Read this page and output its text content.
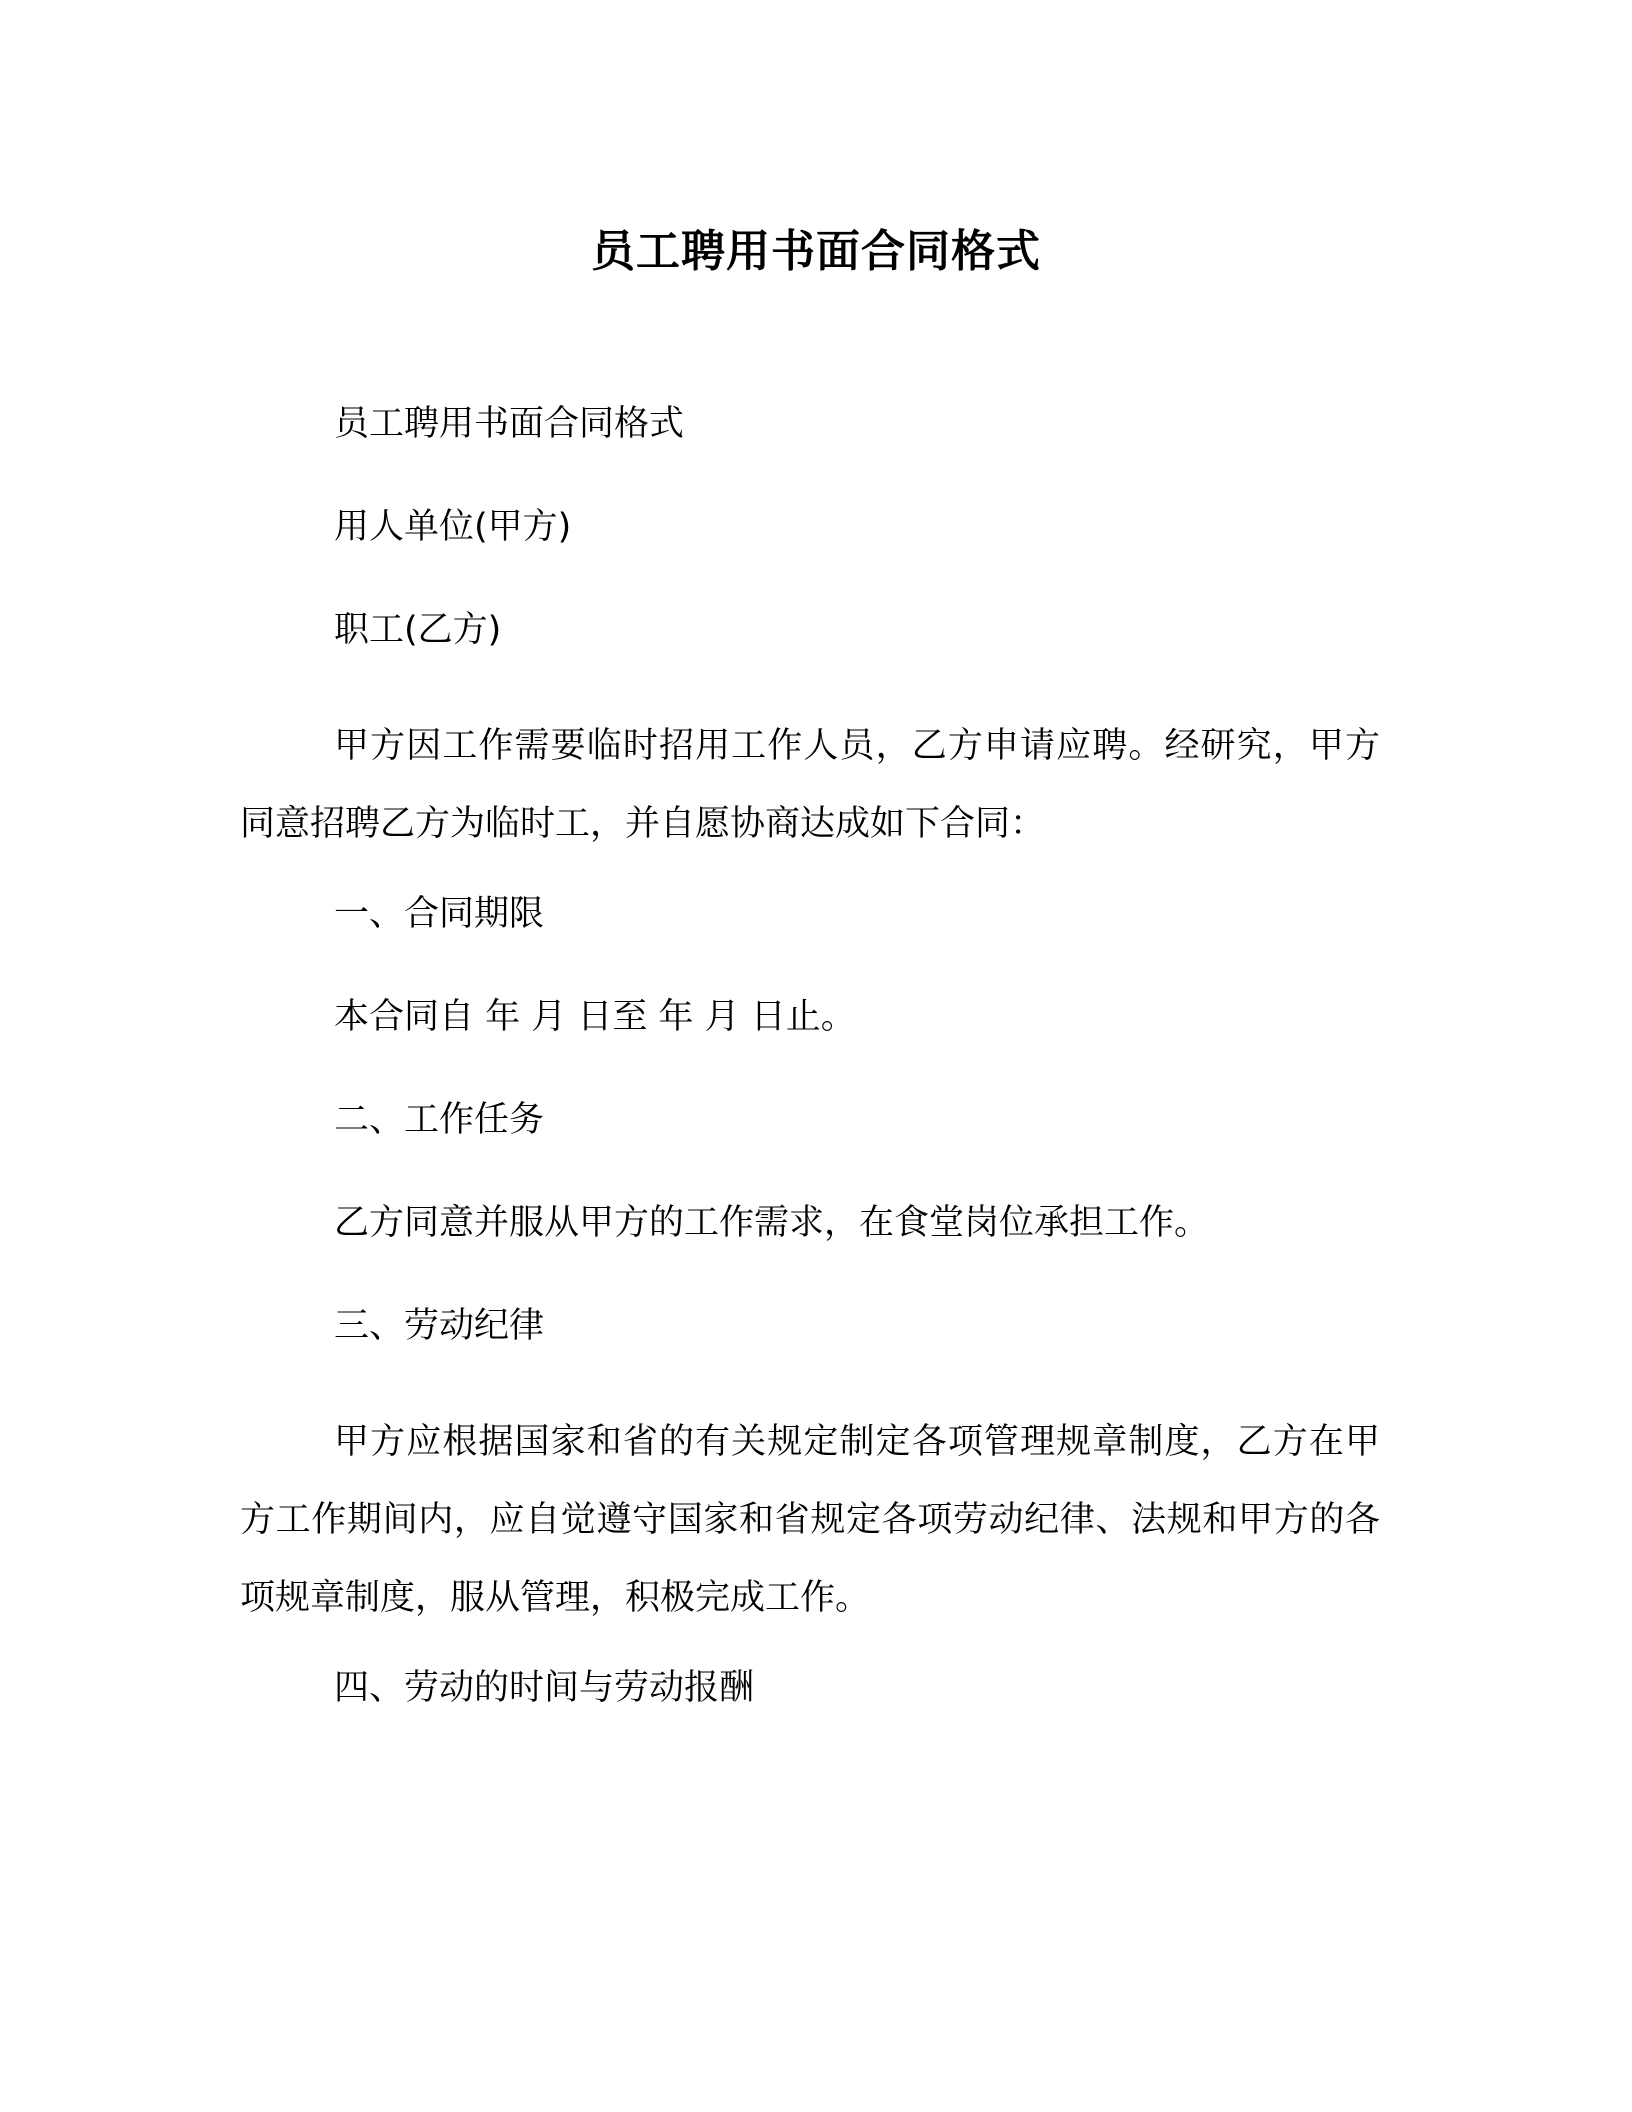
员工聘用书面合同格式

员工聘用书面合同格式

用人单位(甲方)

职工(乙方)

甲方因工作需要临时招用工作人员，乙方申请应聘。经研究，甲方同意招聘乙方为临时工，并自愿协商达成如下合同：

一、合同期限

本合同自 年 月 日至 年 月 日止。

二、工作任务

乙方同意并服从甲方的工作需求，在食堂岗位承担工作。

三、劳动纪律

甲方应根据国家和省的有关规定制定各项管理规章制度，乙方在甲方工作期间内，应自觉遵守国家和省规定各项劳动纪律、法规和甲方的各项规章制度，服从管理，积极完成工作。

四、劳动的时间与劳动报酬
